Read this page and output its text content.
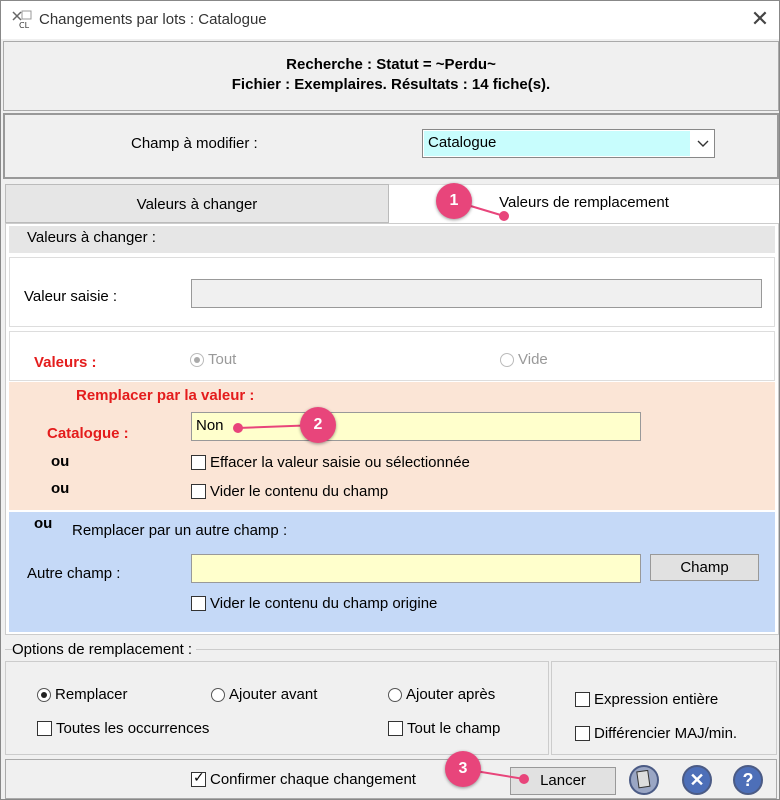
CL Changements par lots : Catalogue	✕
Recherche : Statut = ~Perdu~
Fichier : Exemplaires. Résultats : 14 fiche(s).
Champ à modifier :	Catalogue
Valeurs à changer	Valeurs de remplacement
Valeurs à changer :
Valeur saisie :
Valeurs :	Tout	Vide
Remplacer par la valeur :
Catalogue :	Non
ou	Effacer la valeur saisie ou sélectionnée
ou	Vider le contenu du champ
ou Remplacer par un autre champ :
Autre champ :	Champ
Vider le contenu du champ origine
Options de remplacement :
Remplacer	Ajouter avant	Ajouter après
Toutes les occurrences	Tout le champ
Expression entière
Différencier MAJ/min.
✓
Confirmer chaque changement	Lancer	✕	?
1
2
3
